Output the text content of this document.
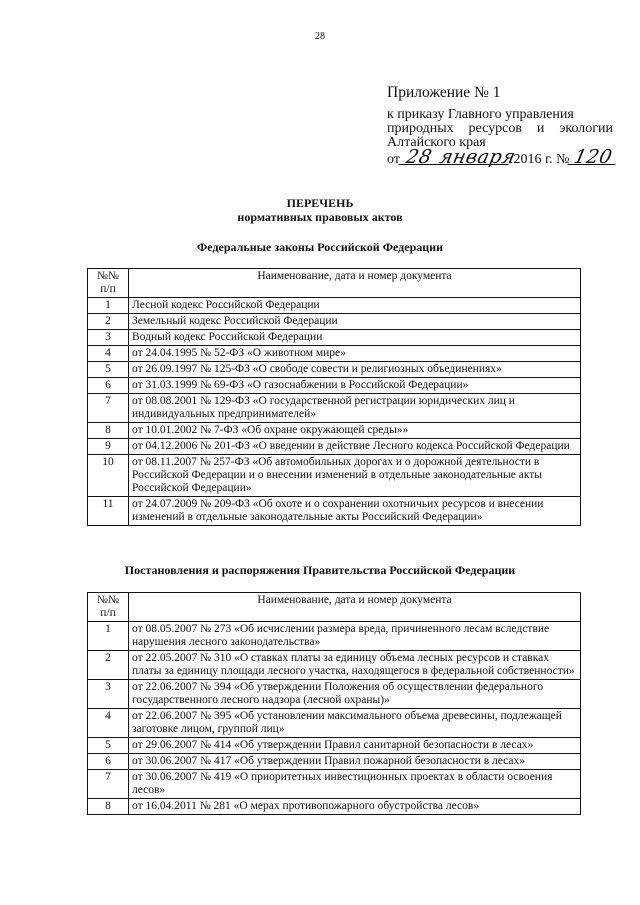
28
Приложение № 1
к приказу Главного управления
природных ресурсов и экологии
Алтайского края
от 28 января 2016 г. № 120
ПЕРЕЧЕНЬ
нормативных правовых актов
Федеральные законы Российской Федерации
№№ п/п	Наименование, дата и номер документа
1	Лесной кодекс Российской Федерации
2	Земельный кодекс Российской Федерации
3	Водный кодекс Российской Федерации
4	от 24.04.1995 № 52-ФЗ «О животном мире»
5	от 26.09.1997 № 125-ФЗ «О свободе совести и религиозных объединениях»
6	от 31.03.1999 № 69-ФЗ «О газоснабжении в Российской Федерации»
7	от 08.08.2001 № 129-ФЗ «О государственной регистрации юридических лиц и индивидуальных предпринимателей»
8	от 10.01.2002 № 7-ФЗ «Об охране окружающей среды»»
9	от 04.12.2006 № 201-ФЗ «О введении в действие Лесного кодекса Российской Федерации
10	от 08.11.2007 № 257-ФЗ «Об автомобильных дорогах и о дорожной деятельности в Российской Федерации и о внесении изменений в отдельные законодательные акты Российской Федерации»
11	от 24.07.2009 № 209-ФЗ «Об охоте и о сохранении охотничьих ресурсов и внесении изменений в отдельные законодательные акты Российский Федерации»
Постановления и распоряжения Правительства Российской Федерации
№№ п/п	Наименование, дата и номер документа
1	от 08.05.2007 № 273 «Об исчислении размера вреда, причиненного лесам вследствие нарушения лесного законодательства»
2	от 22.05.2007 № 310 «О ставках платы за единицу объема лесных ресурсов и ставках платы за единицу площади лесного участка, находящегося в федеральной собственности»
3	от 22.06.2007 № 394 «Об утверждении Положения об осуществлении федерального государственного лесного надзора (лесной охраны)»
4	от 22.06.2007 № 395 «Об установлении максимального объема древесины, подлежащей заготовке лицом, группой лиц»
5	от 29.06.2007 № 414 «Об утверждении Правил санитарной безопасности в лесах»
6	от 30.06.2007 № 417 «Об утверждении Правил пожарной безопасности в лесах»
7	от 30.06.2007 № 419 «О приоритетных инвестиционных проектах в области освоения лесов»
8	от 16.04.2011 № 281 «О мерах противопожарного обустройства лесов»
